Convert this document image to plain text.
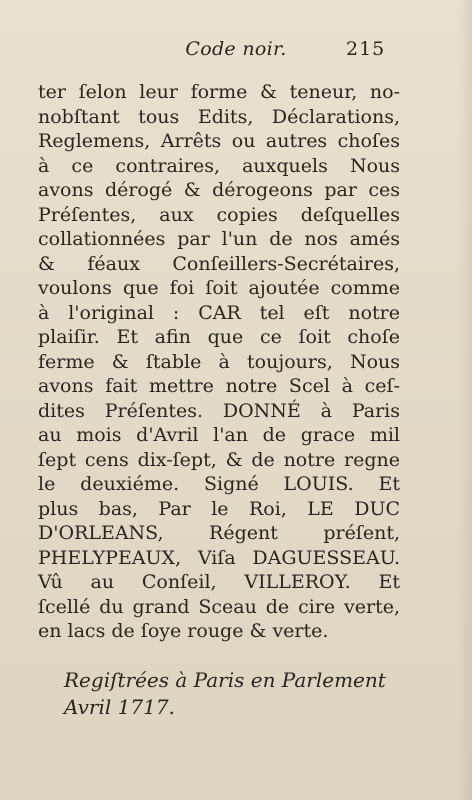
Code noir.	215
ter ſelon leur forme & teneur, no-
nobſtant tous Edits, Déclarations,
Reglemens, Arrêts ou autres choſes
à ce contraires, auxquels Nous
avons dérogé & dérogeons par ces
Préſentes, aux copies deſquelles
collationnées par l'un de nos amés
& féaux Conſeillers-Secrétaires,
voulons que foi ſoit ajoutée comme
à l'original : CAR tel eſt notre
plaiſir. Et afin que ce ſoit choſe
ferme & ſtable à toujours, Nous
avons fait mettre notre Scel à ceſ-
dites Préſentes. DONNÉ à Paris
au mois d'Avril l'an de grace mil
ſept cens dix-ſept, & de notre regne
le deuxiéme. Signé LOUIS. Et
plus bas, Par le Roi, LE DUC
D'ORLEANS, Régent préſent,
PHELYPEAUX, Viſa DAGUESSEAU.
Vû au Conſeil, VILLEROY. Et
ſcellé du grand Sceau de cire verte,
en lacs de ſoye rouge & verte.
Regiſtrées à Paris en Parlement
Avril 1717.
